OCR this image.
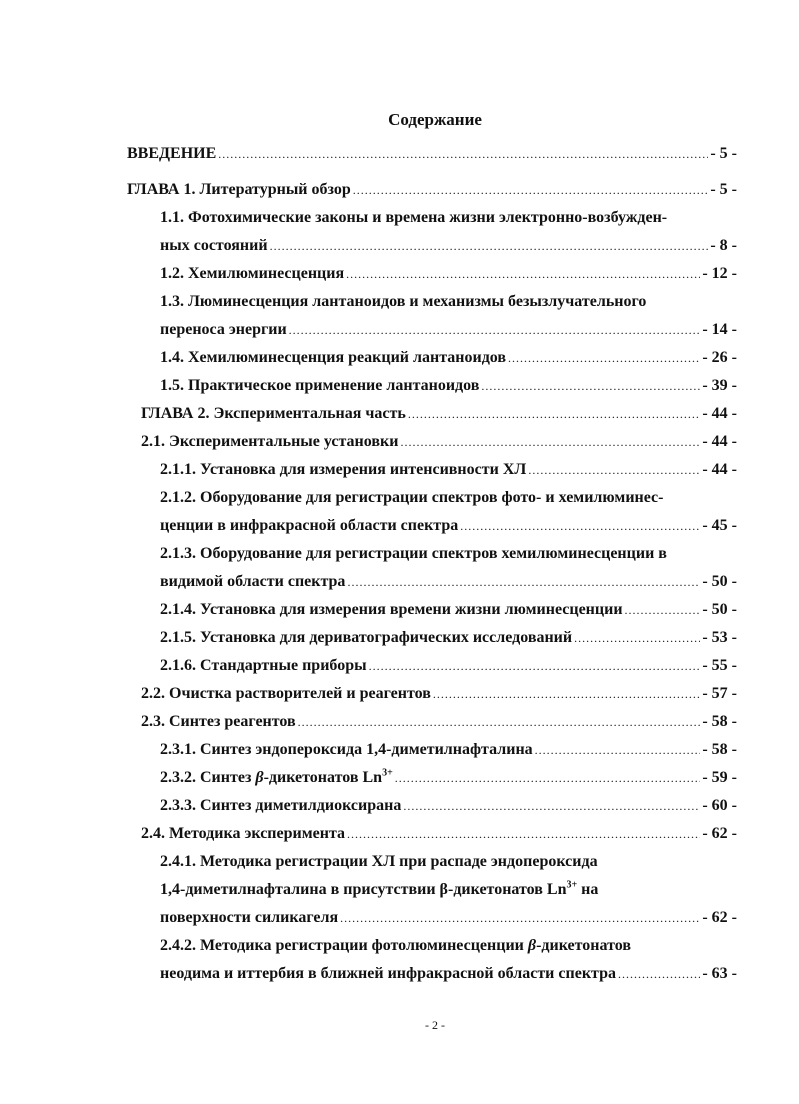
Содержание
ВВЕДЕНИЕ .....	- 5 -
ГЛАВА 1. Литературный обзор .....	- 5 -
1.1. Фотохимические законы и времена жизни электронно-возбужден-
ных состояний .....	- 8 -
1.2. Хемилюминесценция .....	- 12 -
1.3. Люминесценция лантаноидов и механизмы безызлучательного
переноса энергии .....	- 14 -
1.4. Хемилюминесценция реакций лантаноидов .....	- 26 -
1.5. Практическое применение лантаноидов .....	- 39 -
ГЛАВА 2. Экспериментальная часть .....	- 44 -
2.1. Экспериментальные установки .....	- 44 -
2.1.1. Установка для измерения интенсивности ХЛ .....	- 44 -
2.1.2. Оборудование для регистрации спектров фото- и хемилюминес-
ценции в инфракрасной области спектра .....	- 45 -
2.1.3. Оборудование для регистрации спектров хемилюминесценции в
видимой области спектра .....	- 50 -
2.1.4. Установка для измерения времени жизни люминесценции .....	- 50 -
2.1.5. Установка для дериватографических исследований .....	- 53 -
2.1.6. Стандартные приборы .....	- 55 -
2.2. Очистка растворителей и реагентов .....	- 57 -
2.3. Синтез реагентов .....	- 58 -
2.3.1. Синтез эндопероксида 1,4-диметилнафталина .....	- 58 -
2.3.2. Синтез β-дикетонатов $Ln^{3+}$ .....	- 59 -
2.3.3. Синтез диметилдиоксирана .....	- 60 -
2.4. Методика эксперимента .....	- 62 -
2.4.1. Методика регистрации ХЛ при распаде эндопероксида
1,4-диметилнафталина в присутствии β-дикетонатов $Ln^{3+}$ на
поверхности силикагеля .....	- 62 -
2.4.2. Методика регистрации фотолюминесценции β-дикетонатов
неодима и иттербия в ближней инфракрасной области спектра .....	- 63 -
- 2 -
